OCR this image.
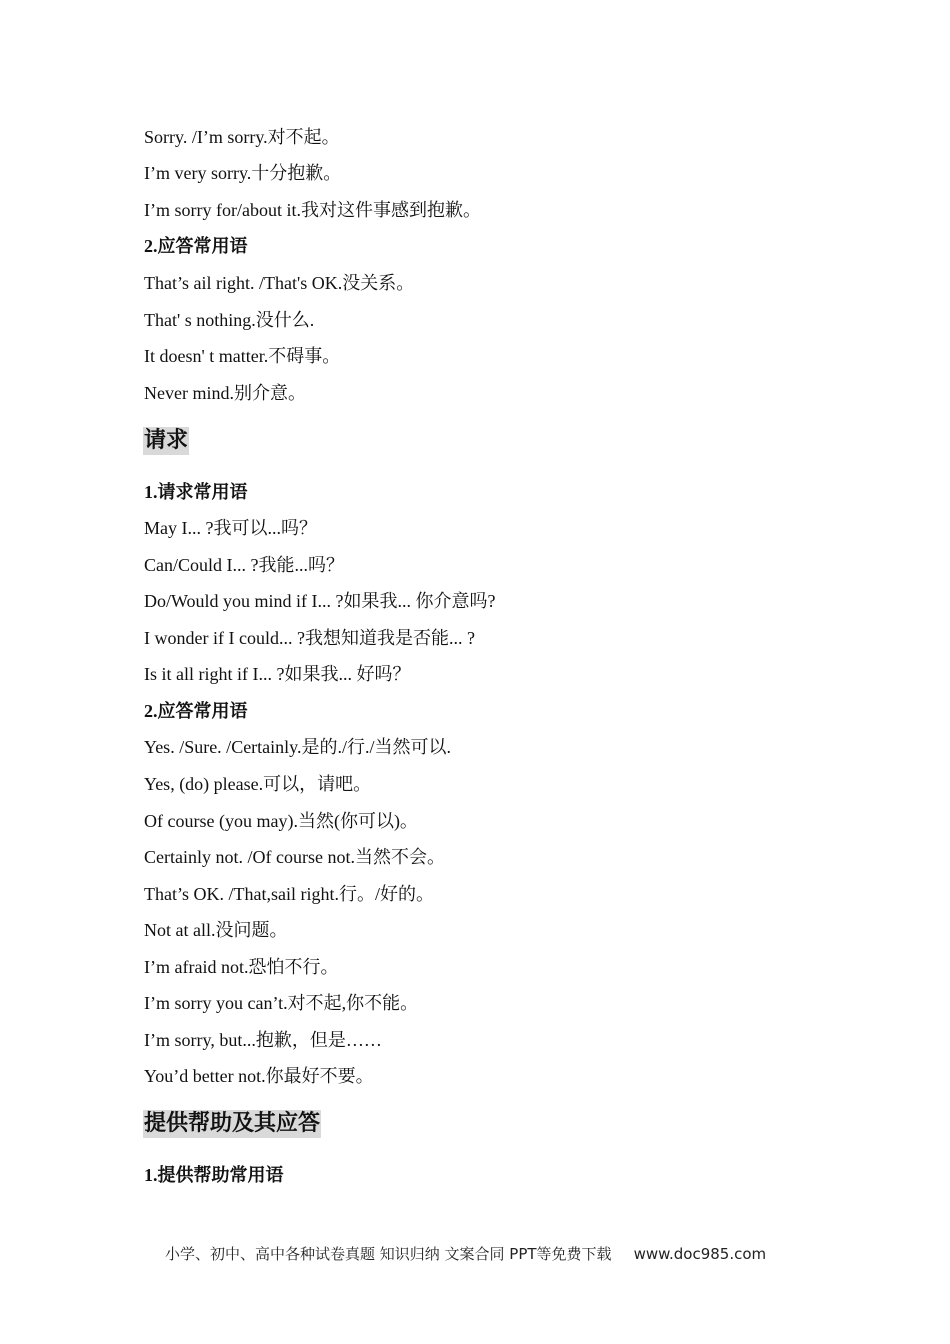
Sorry. /I’m sorry.对不起。
I’m very sorry.十分抱歉。
I’m sorry for/about it.我对这件事感到抱歉。
2.应答常用语
That’s ail right. /That's OK.没关系。
That' s nothing.没什么.
It doesn' t matter.不碍事。
Never mind.别介意。
请求
1.请求常用语
May I... ?我可以...吗？
Can/Could I... ?我能...吗？
Do/Would you mind if I... ?如果我... 你介意吗?
I wonder if I could... ?我想知道我是否能... ?
Is it all right if I... ?如果我... 好吗？
2.应答常用语
Yes. /Sure. /Certainly.是的./行./当然可以.
Yes, (do) please.可以，请吧。
Of course (you may).当然(你可以)。
Certainly not. /Of course not.当然不会。
That’s OK. /That,sail right.行。/好的。
Not at all.没问题。
I’m afraid not.恐怕不行。
I’m sorry you can’t.对不起,你不能。
I’m sorry, but...抱歉，但是……
You’d better not.你最好不要。
提供帮助及其应答
1.提供帮助常用语
小学、初中、高中各种试卷真题 知识归纳 文案合同 PPT等免费下载 www.doc985.com
